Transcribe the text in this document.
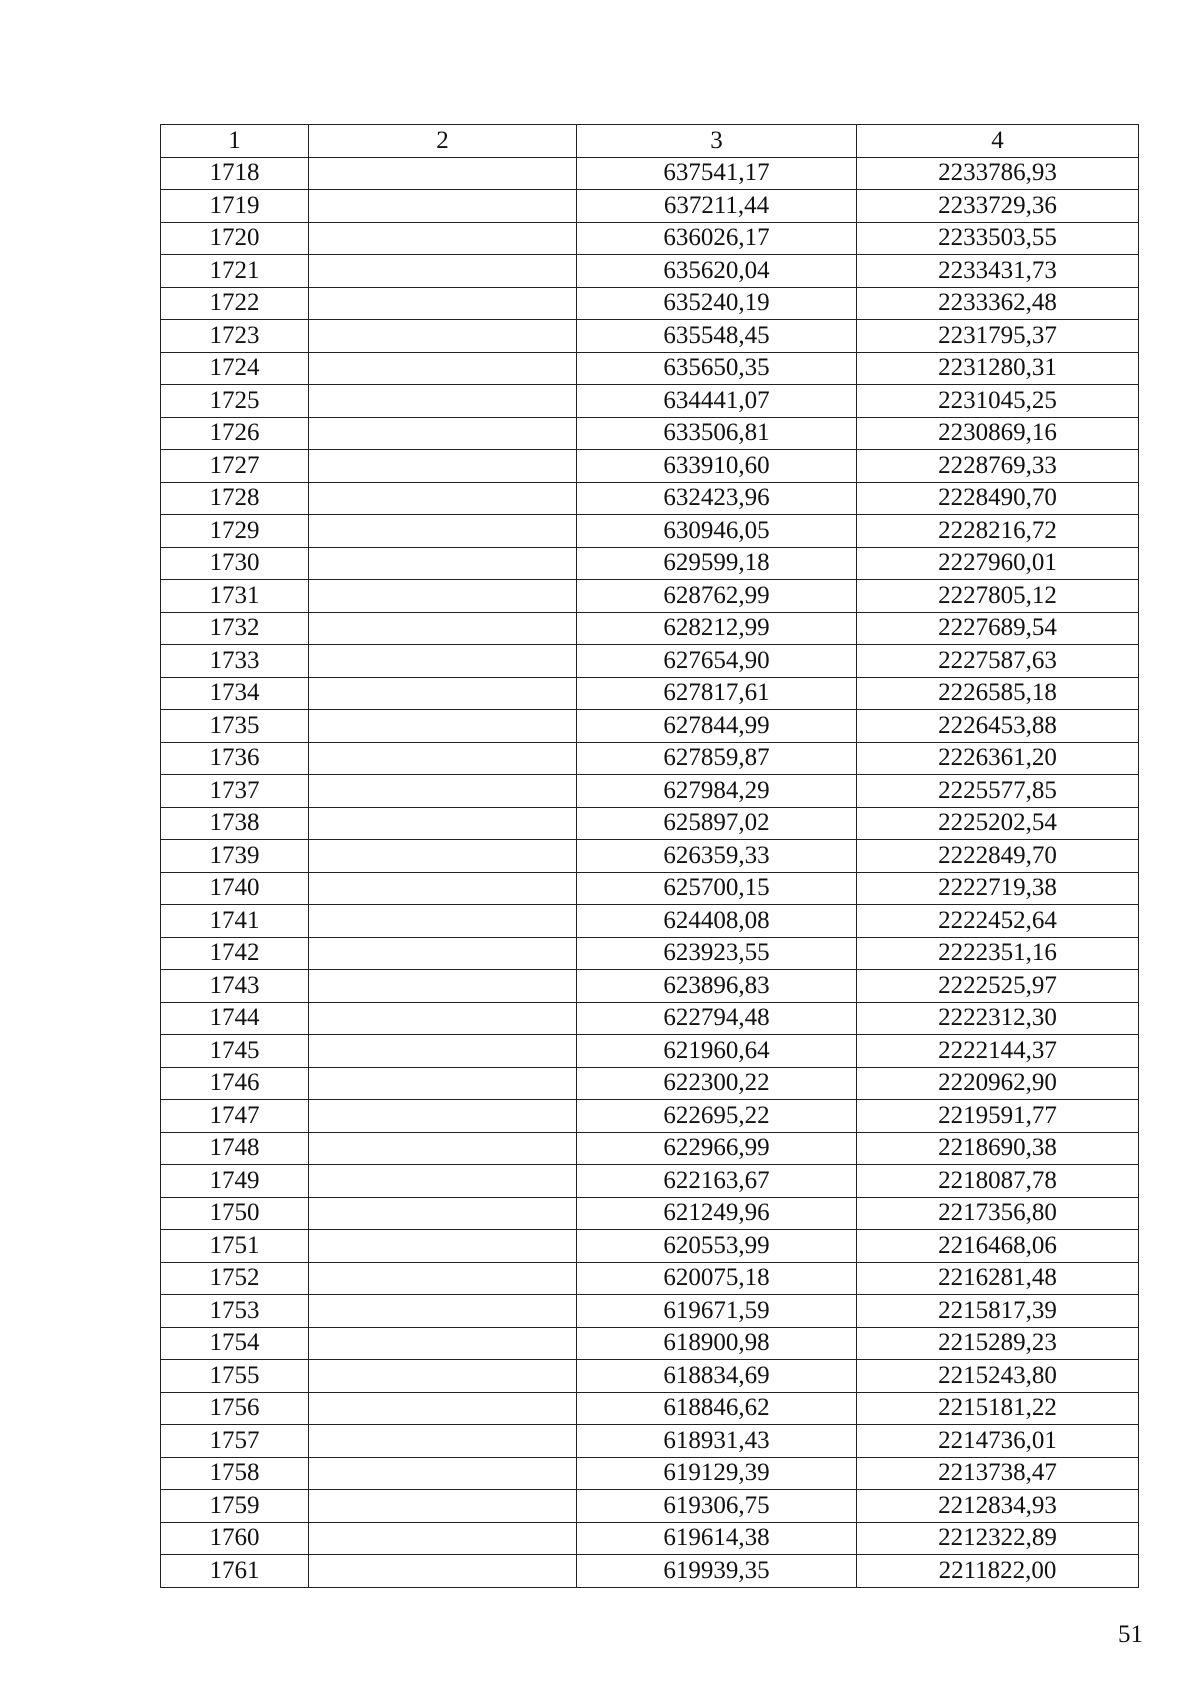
1	2	3	4
1718		637541,17	2233786,93
1719		637211,44	2233729,36
1720		636026,17	2233503,55
1721		635620,04	2233431,73
1722		635240,19	2233362,48
1723		635548,45	2231795,37
1724		635650,35	2231280,31
1725		634441,07	2231045,25
1726		633506,81	2230869,16
1727		633910,60	2228769,33
1728		632423,96	2228490,70
1729		630946,05	2228216,72
1730		629599,18	2227960,01
1731		628762,99	2227805,12
1732		628212,99	2227689,54
1733		627654,90	2227587,63
1734		627817,61	2226585,18
1735		627844,99	2226453,88
1736		627859,87	2226361,20
1737		627984,29	2225577,85
1738		625897,02	2225202,54
1739		626359,33	2222849,70
1740		625700,15	2222719,38
1741		624408,08	2222452,64
1742		623923,55	2222351,16
1743		623896,83	2222525,97
1744		622794,48	2222312,30
1745		621960,64	2222144,37
1746		622300,22	2220962,90
1747		622695,22	2219591,77
1748		622966,99	2218690,38
1749		622163,67	2218087,78
1750		621249,96	2217356,80
1751		620553,99	2216468,06
1752		620075,18	2216281,48
1753		619671,59	2215817,39
1754		618900,98	2215289,23
1755		618834,69	2215243,80
1756		618846,62	2215181,22
1757		618931,43	2214736,01
1758		619129,39	2213738,47
1759		619306,75	2212834,93
1760		619614,38	2212322,89
1761		619939,35	2211822,00
51
